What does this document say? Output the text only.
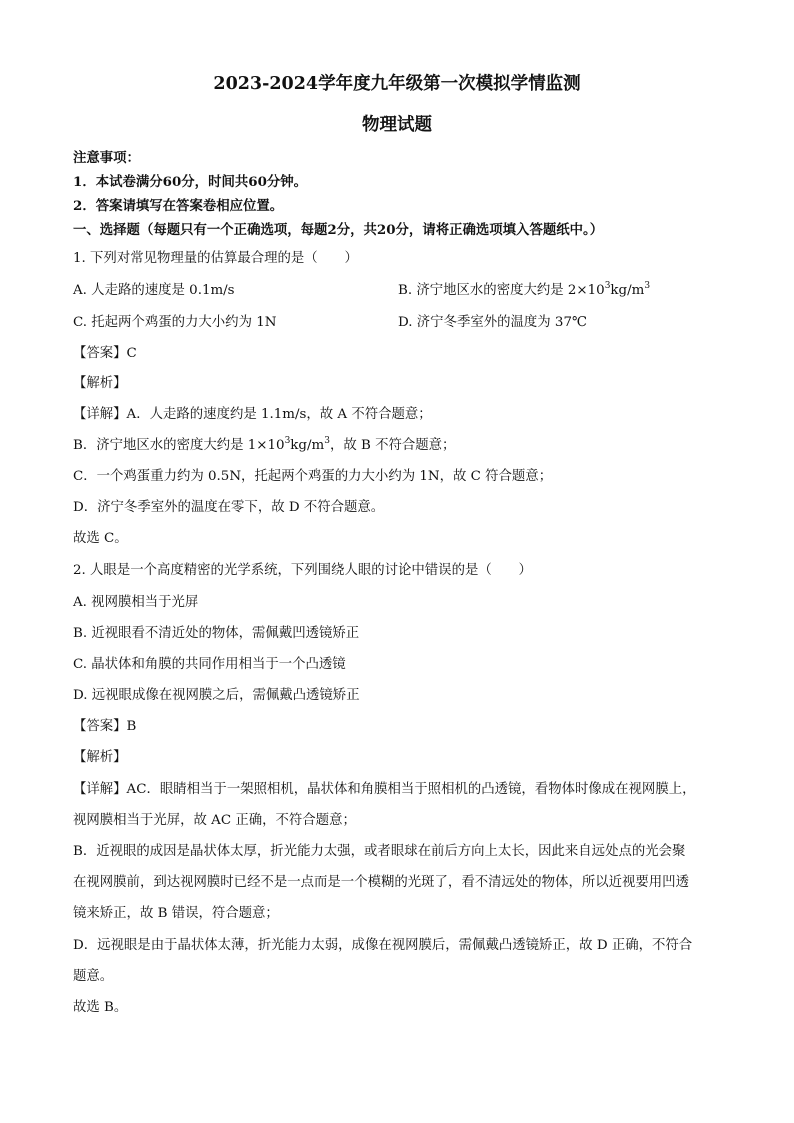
2023-2024学年度九年级第一次模拟学情监测
物理试题
注意事项：
1．本试卷满分60分，时间共60分钟。
2．答案请填写在答案卷相应位置。
一、选择题（每题只有一个正确选项，每题2分，共20分，请将正确选项填入答题纸中。）
1. 下列对常见物理量的估算最合理的是（　　）
A. 人走路的速度是 0.1m/s	B. 济宁地区水的密度大约是 $2\times 10^3kg/m^3$
C. 托起两个鸡蛋的力大小约为 1N	D. 济宁冬季室外的温度为 37℃
【答案】C
【解析】
【详解】A．人走路的速度约是 1.1m/s，故 A 不符合题意；
B．济宁地区水的密度大约是 $1\times 10^3kg/m^3$，故 B 不符合题意；
C．一个鸡蛋重力约为 0.5N，托起两个鸡蛋的力大小约为 1N，故 C 符合题意；
D．济宁冬季室外的温度在零下，故 D 不符合题意。
故选 C。
2. 人眼是一个高度精密的光学系统，下列围绕人眼的讨论中错误的是（　　）
A. 视网膜相当于光屏
B. 近视眼看不清近处的物体，需佩戴凹透镜矫正
C. 晶状体和角膜的共同作用相当于一个凸透镜
D. 远视眼成像在视网膜之后，需佩戴凸透镜矫正
【答案】B
【解析】
【详解】AC．眼睛相当于一架照相机，晶状体和角膜相当于照相机的凸透镜，看物体时像成在视网膜上，
视网膜相当于光屏，故 AC 正确，不符合题意；
B．近视眼的成因是晶状体太厚，折光能力太强，或者眼球在前后方向上太长，因此来自远处点的光会聚
在视网膜前，到达视网膜时已经不是一点而是一个模糊的光斑了，看不清远处的物体，所以近视要用凹透
镜来矫正，故 B 错误，符合题意；
D．远视眼是由于晶状体太薄，折光能力太弱，成像在视网膜后，需佩戴凸透镜矫正，故 D 正确，不符合
题意。
故选 B。
